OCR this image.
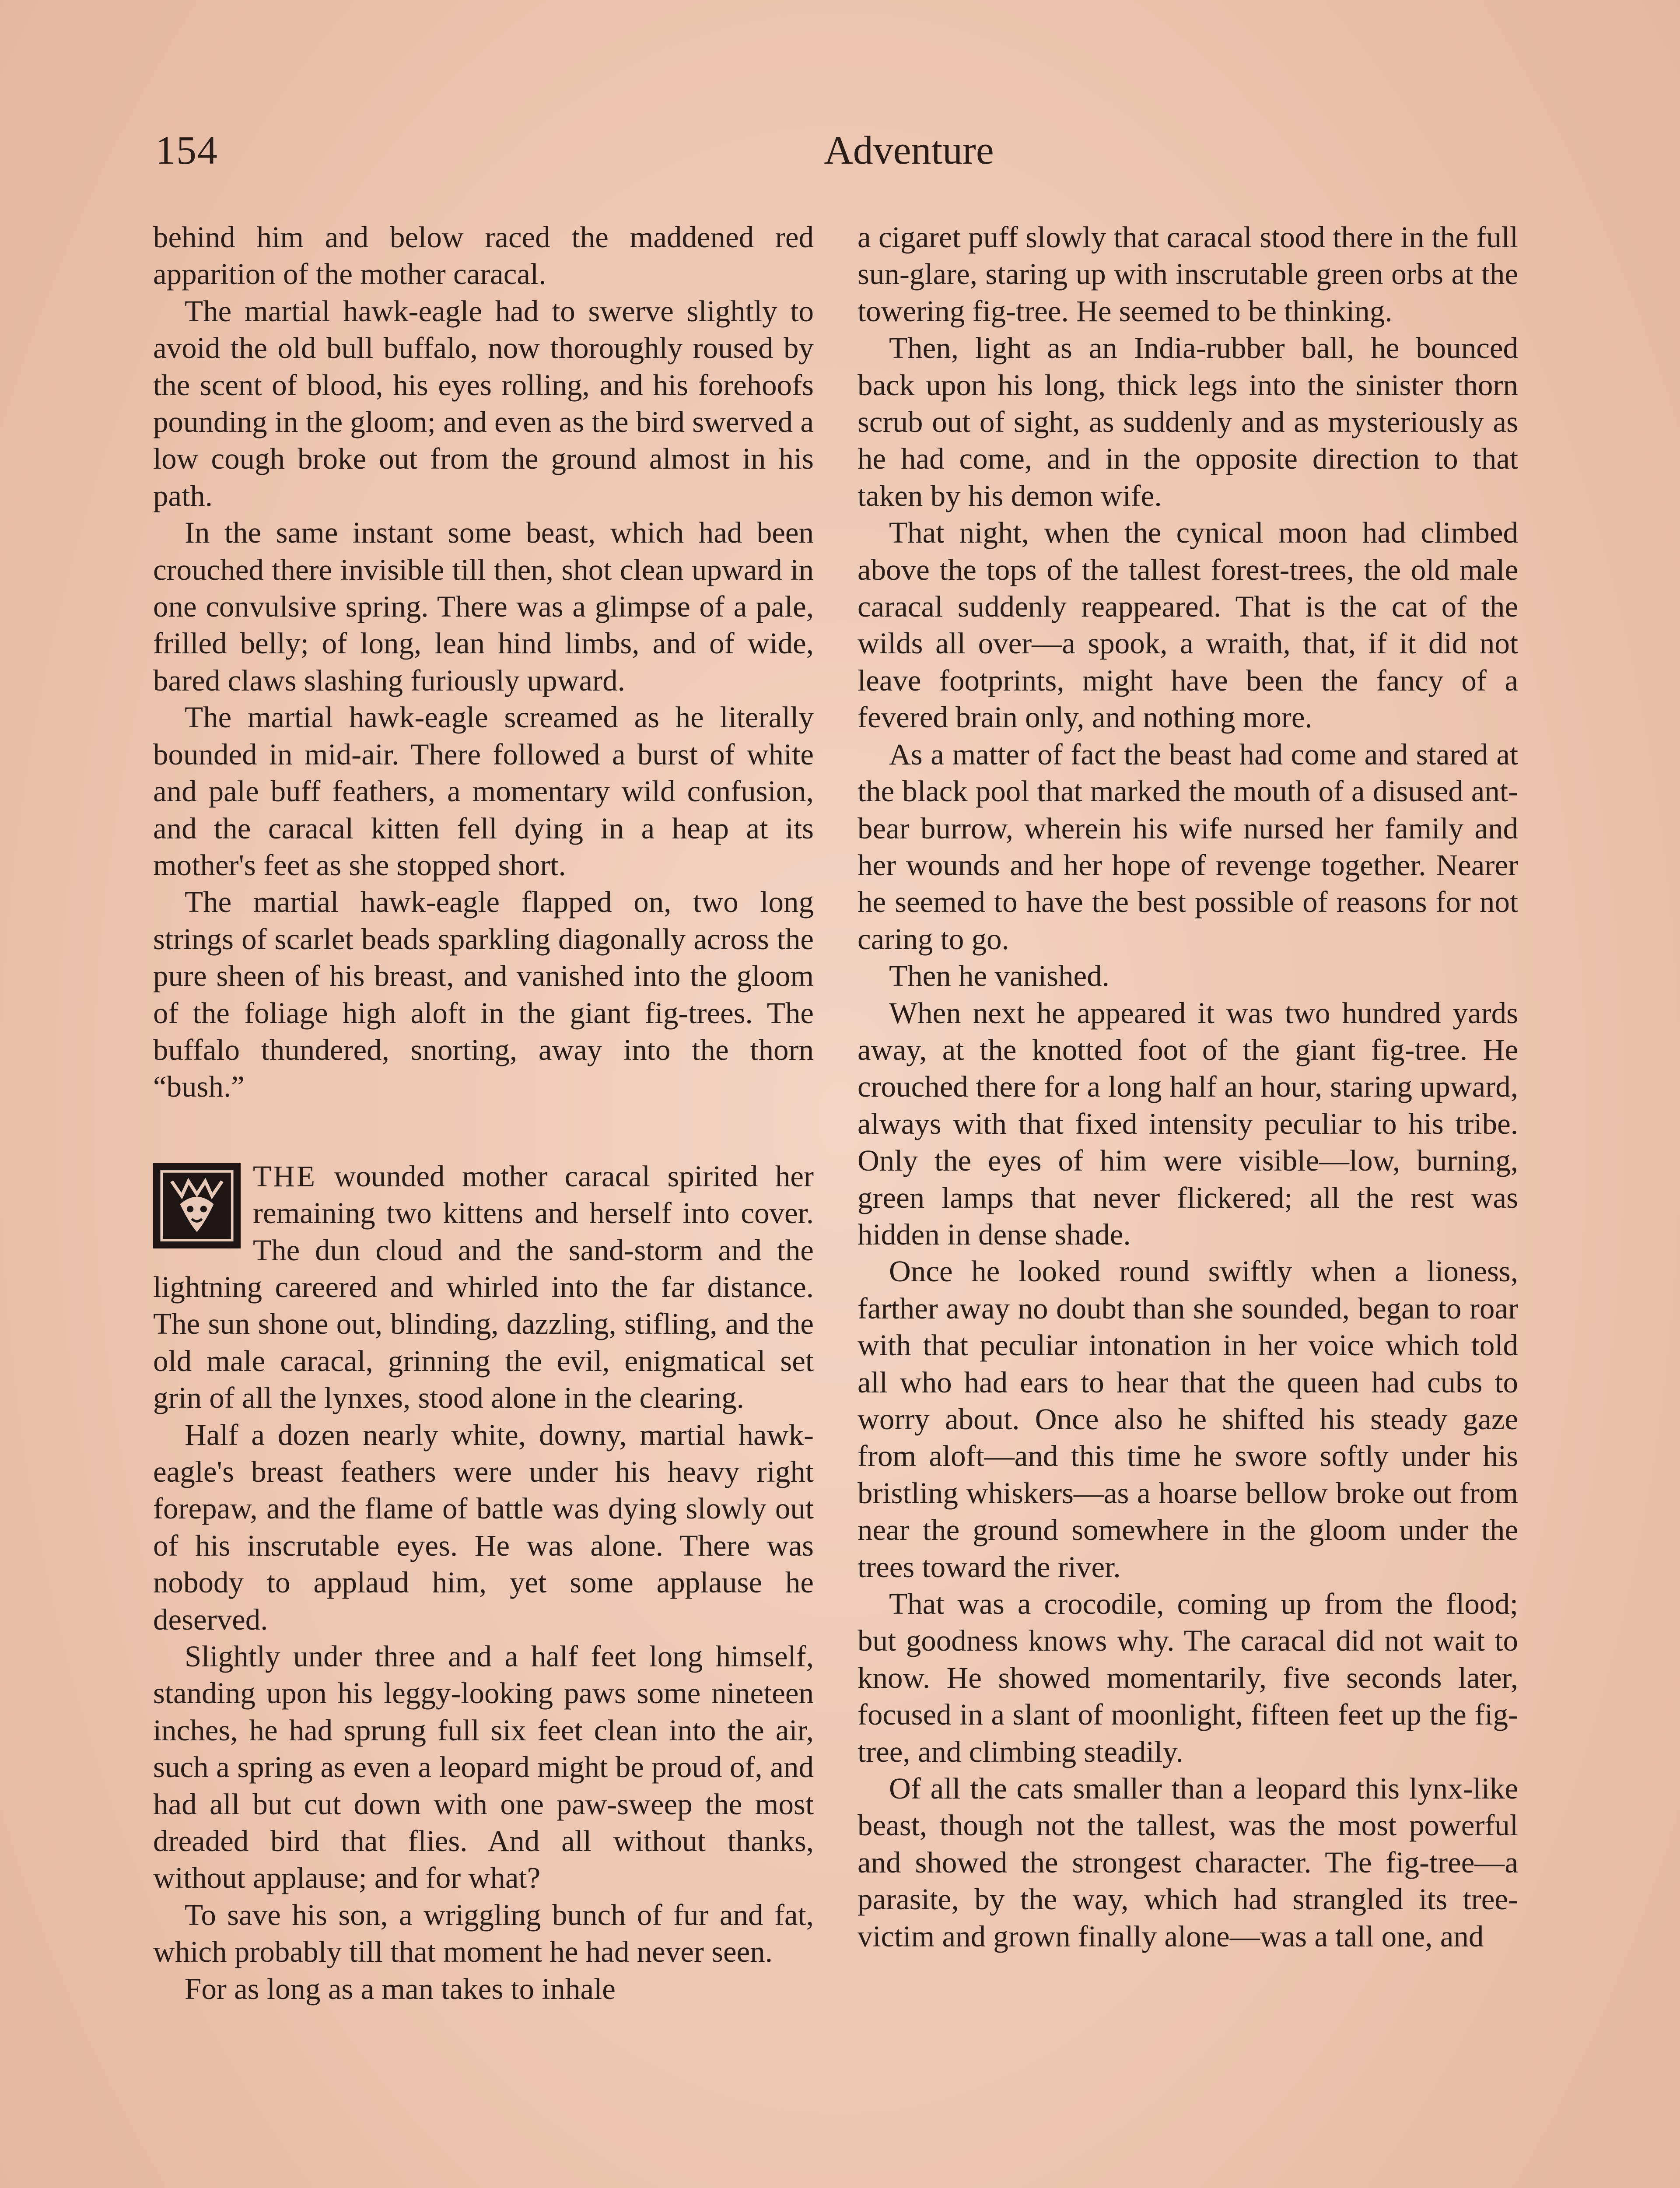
154	Adventure

behind him and below raced the maddened red apparition of the mother caracal.

The martial hawk-eagle had to swerve slightly to avoid the old bull buffalo, now thoroughly roused by the scent of blood, his eyes rolling, and his forehoofs pounding in the gloom; and even as the bird swerved a low cough broke out from the ground almost in his path.

In the same instant some beast, which had been crouched there invisible till then, shot clean upward in one convulsive spring. There was a glimpse of a pale, frilled belly; of long, lean hind limbs, and of wide, bared claws slashing furiously upward.

The martial hawk-eagle screamed as he literally bounded in mid-air. There followed a burst of white and pale buff feathers, a momentary wild confusion, and the caracal kitten fell dying in a heap at its mother's feet as she stopped short.

The martial hawk-eagle flapped on, two long strings of scarlet beads sparkling diagonally across the pure sheen of his breast, and vanished into the gloom of the foliage high aloft in the giant fig-trees. The buffalo thundered, snorting, away into the thorn “bush.”

THE wounded mother caracal spirited her remaining two kittens and herself into cover. The dun cloud and the sand-storm and the lightning careered and whirled into the far distance. The sun shone out, blinding, dazzling, stifling, and the old male caracal, grinning the evil, enigmatical set grin of all the lynxes, stood alone in the clearing.

Half a dozen nearly white, downy, martial hawk-eagle's breast feathers were under his heavy right forepaw, and the flame of battle was dying slowly out of his inscrutable eyes. He was alone. There was nobody to applaud him, yet some applause he deserved.

Slightly under three and a half feet long himself, standing upon his leggy-looking paws some nineteen inches, he had sprung full six feet clean into the air, such a spring as even a leopard might be proud of, and had all but cut down with one paw-sweep the most dreaded bird that flies. And all without thanks, without applause; and for what?

To save his son, a wriggling bunch of fur and fat, which probably till that moment he had never seen.

For as long as a man takes to inhale

a cigaret puff slowly that caracal stood there in the full sun-glare, staring up with inscrutable green orbs at the towering fig-tree. He seemed to be thinking.

Then, light as an India-rubber ball, he bounced back upon his long, thick legs into the sinister thorn scrub out of sight, as suddenly and as mysteriously as he had come, and in the opposite direction to that taken by his demon wife.

That night, when the cynical moon had climbed above the tops of the tallest forest-trees, the old male caracal suddenly reappeared. That is the cat of the wilds all over—a spook, a wraith, that, if it did not leave footprints, might have been the fancy of a fevered brain only, and nothing more.

As a matter of fact the beast had come and stared at the black pool that marked the mouth of a disused ant-bear burrow, wherein his wife nursed her family and her wounds and her hope of revenge together. Nearer he seemed to have the best possible of reasons for not caring to go.

Then he vanished.

When next he appeared it was two hundred yards away, at the knotted foot of the giant fig-tree. He crouched there for a long half an hour, staring upward, always with that fixed intensity peculiar to his tribe. Only the eyes of him were visible—low, burning, green lamps that never flickered; all the rest was hidden in dense shade.

Once he looked round swiftly when a lioness, farther away no doubt than she sounded, began to roar with that peculiar intonation in her voice which told all who had ears to hear that the queen had cubs to worry about. Once also he shifted his steady gaze from aloft—and this time he swore softly under his bristling whiskers—as a hoarse bellow broke out from near the ground somewhere in the gloom under the trees toward the river.

That was a crocodile, coming up from the flood; but goodness knows why. The caracal did not wait to know. He showed momentarily, five seconds later, focused in a slant of moonlight, fifteen feet up the fig-tree, and climbing steadily.

Of all the cats smaller than a leopard this lynx-like beast, though not the tallest, was the most powerful and showed the strongest character. The fig-tree—a parasite, by the way, which had strangled its tree-victim and grown finally alone—was a tall one, and
